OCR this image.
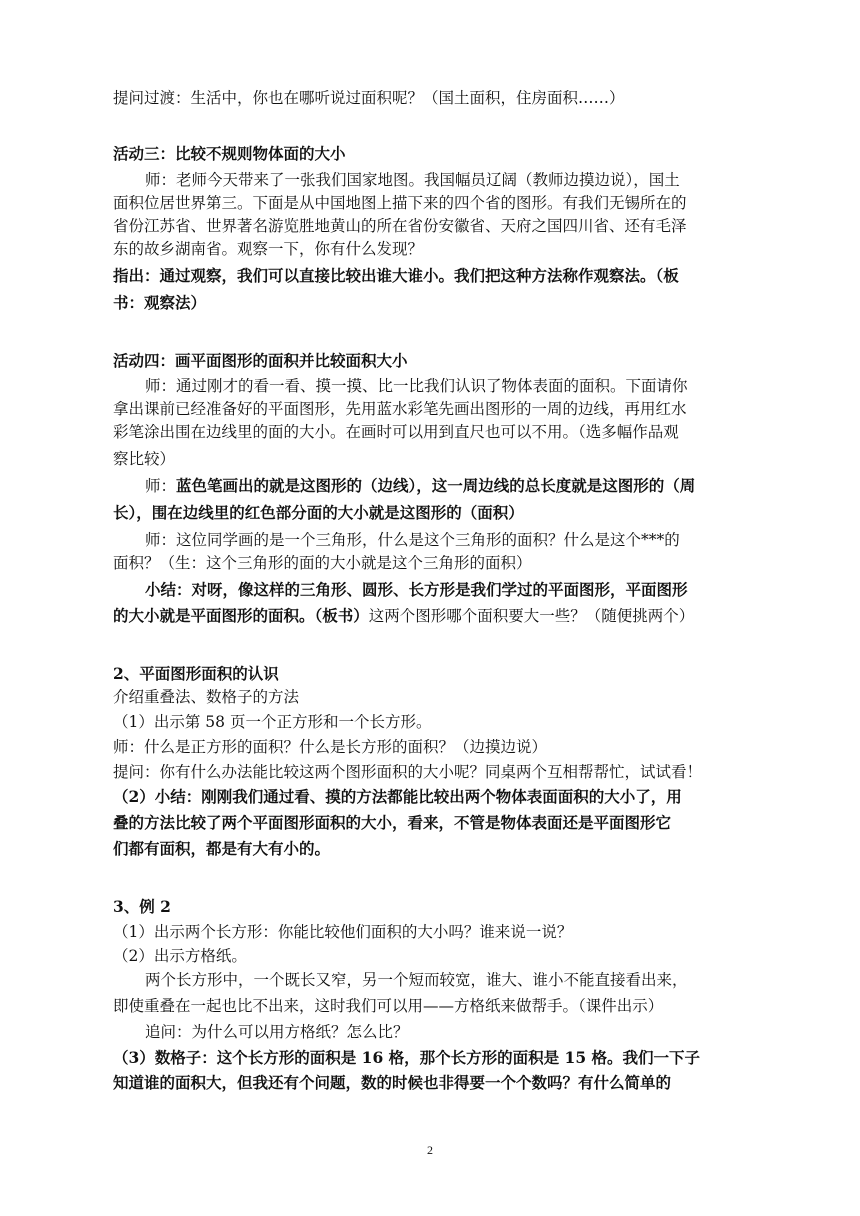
提问过渡：生活中，你也在哪听说过面积呢？（国土面积，住房面积……）
活动三：比较不规则物体面的大小
师：老师今天带来了一张我们国家地图。我国幅员辽阔（教师边摸边说），国土
面积位居世界第三。下面是从中国地图上描下来的四个省的图形。有我们无锡所在的
省份江苏省、世界著名游览胜地黄山的所在省份安徽省、天府之国四川省、还有毛泽
东的故乡湖南省。观察一下，你有什么发现？
指出：通过观察，我们可以直接比较出谁大谁小。我们把这种方法称作观察法。（板
书：观察法）
活动四：画平面图形的面积并比较面积大小
师：通过刚才的看一看、摸一摸、比一比我们认识了物体表面的面积。下面请你
拿出课前已经准备好的平面图形，先用蓝水彩笔先画出图形的一周的边线，再用红水
彩笔涂出围在边线里的面的大小。在画时可以用到直尺也可以不用。（选多幅作品观
察比较）
师：蓝色笔画出的就是这图形的（边线），这一周边线的总长度就是这图形的（周
长），围在边线里的红色部分面的大小就是这图形的（面积）
师：这位同学画的是一个三角形，什么是这个三角形的面积？什么是这个***的
面积？（生：这个三角形的面的大小就是这个三角形的面积）
小结：对呀，像这样的三角形、圆形、长方形是我们学过的平面图形，平面图形
的大小就是平面图形的面积。（板书）这两个图形哪个面积要大一些？（随便挑两个）
2、平面图形面积的认识
介绍重叠法、数格子的方法
（1）出示第 58 页一个正方形和一个长方形。
师：什么是正方形的面积？什么是长方形的面积？（边摸边说）
提问：你有什么办法能比较这两个图形面积的大小呢？同桌两个互相帮帮忙，试试看！
（2）小结：刚刚我们通过看、摸的方法都能比较出两个物体表面面积的大小了，用
叠的方法比较了两个平面图形面积的大小，看来，不管是物体表面还是平面图形它
们都有面积，都是有大有小的。
3、例 2
（1）出示两个长方形：你能比较他们面积的大小吗？谁来说一说？
（2）出示方格纸。
两个长方形中，一个既长又窄，另一个短而较宽，谁大、谁小不能直接看出来，
即使重叠在一起也比不出来，这时我们可以用——方格纸来做帮手。（课件出示）
追问：为什么可以用方格纸？怎么比？
（3）数格子：这个长方形的面积是 16 格，那个长方形的面积是 15 格。我们一下子
知道谁的面积大，但我还有个问题，数的时候也非得要一个个数吗？有什么简单的
2
